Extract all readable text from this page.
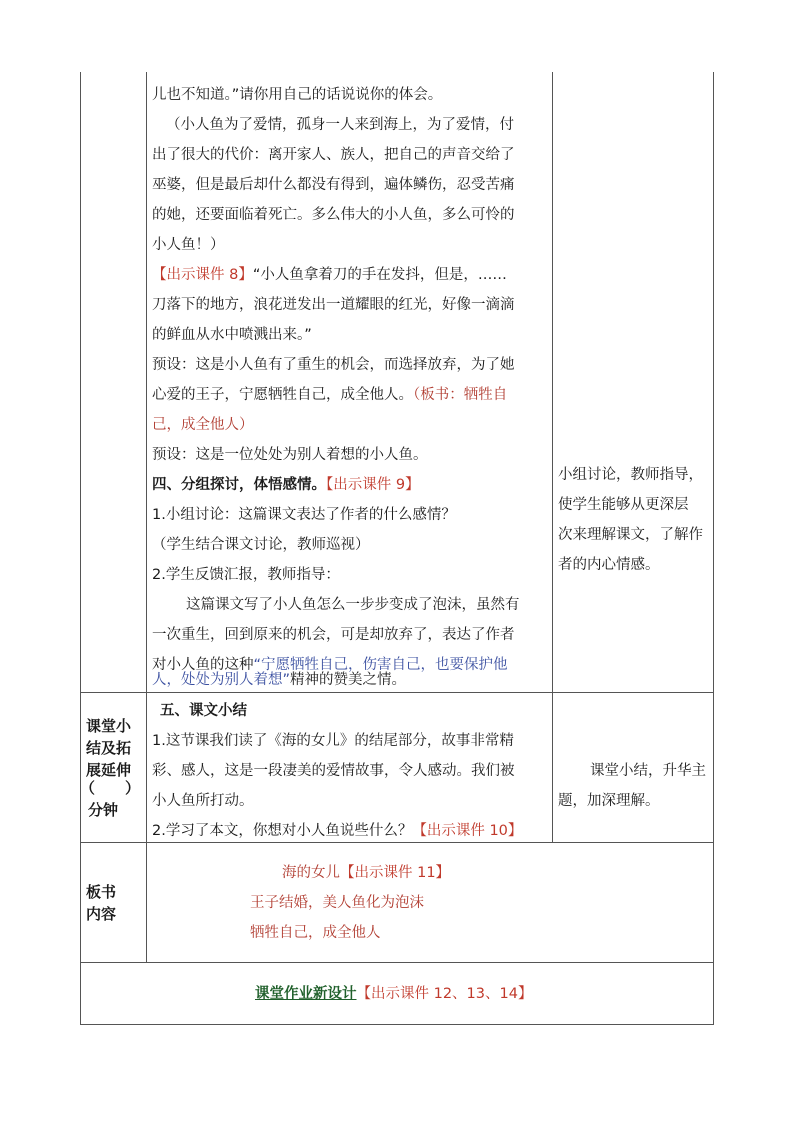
儿也不知道。”请你用自己的话说说你的体会。
（小人鱼为了爱情，孤身一人来到海上，为了爱情，付
出了很大的代价：离开家人、族人，把自己的声音交给了
巫婆，但是最后却什么都没有得到，遍体鳞伤，忍受苦痛
的她，还要面临着死亡。多么伟大的小人鱼，多么可怜的
小人鱼！）
【出示课件 8】“小人鱼拿着刀的手在发抖，但是，……
刀落下的地方，浪花迸发出一道耀眼的红光，好像一滴滴
的鲜血从水中喷溅出来。”
预设：这是小人鱼有了重生的机会，而选择放弃，为了她
心爱的王子，宁愿牺牲自己，成全他人。（板书：牺牲自
己，成全他人）
预设：这是一位处处为别人着想的小人鱼。
四、分组探讨，体悟感情。【出示课件 9】
1.小组讨论：这篇课文表达了作者的什么感情？
（学生结合课文讨论，教师巡视）
2.学生反馈汇报，教师指导：
这篇课文写了小人鱼怎么一步步变成了泡沫，虽然有
一次重生，回到原来的机会，可是却放弃了，表达了作者
对小人鱼的这种“宁愿牺牲自己，伤害自己，也要保护他
人，处处为别人着想”精神的赞美之情。
小组讨论，教师指导，
使学生能够从更深层
次来理解课文，了解作
者的内心情感。
课堂小
结及拓
展延伸
（　　）
分钟
五、课文小结
1.这节课我们读了《海的女儿》的结尾部分，故事非常精
彩、感人，这是一段凄美的爱情故事，令人感动。我们被
小人鱼所打动。
2.学习了本文，你想对小人鱼说些什么？【出示课件 10】
课堂小结，升华主
题，加深理解。
板书
内容
海的女儿【出示课件 11】
王子结婚，美人鱼化为泡沫
牺牲自己，成全他人
课堂作业新设计【出示课件 12、13、14】
